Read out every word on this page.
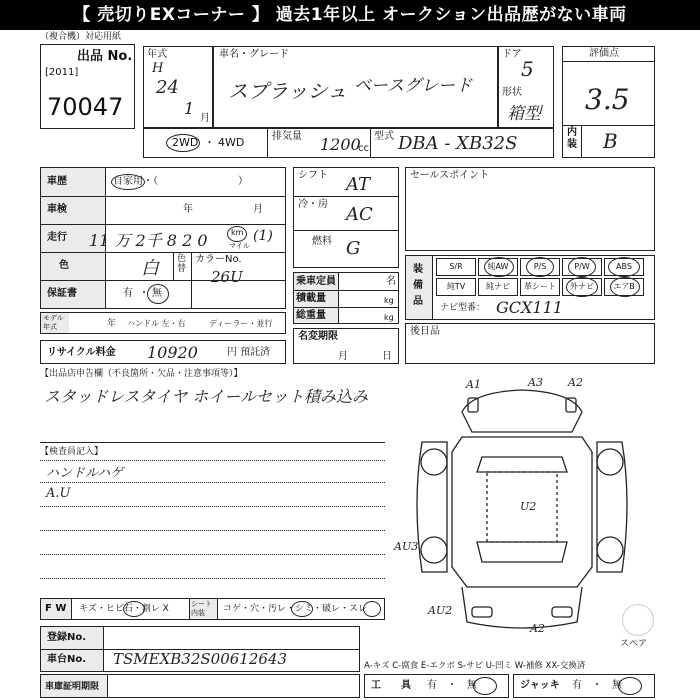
【 売切りEXコーナー 】 過去1年以上 オークション出品歴がない車両
（複合機）対応用紙
出品 No.
[2011]
70047
年式
H
24
1
月
車名・グレード
スプラッシュ ベースグレード
ドア
5
形状
箱型
評価点
3.5
内装 B
2WD ・ 4WD	排気量 1200
cc
型式 DBA - XB32S
車歴	自家用・（　　　　　　　　）
車検	年	月
走行 11 万 2千 8 2 0	km
マイル
(1)
色	白 色替
カラーNo.
26U
保証書	有 ・ 無
モデル年式	年 ハンドル 左・右	ディーラー・並行
リサイクル料金 10920	円 預託済
シフト AT
冷・房 AC
燃料 G
乗車定員	名
積載量	kg
総重量	kg
名変期限
月	日
セールスポイント
装備品
S/R	純AW	P/S	P/W	ABS
純TV	純ナビ	革シート	外ナビ	エアB
ナビ型番： GCX111
後日品
【出品店申告欄（不良箇所・欠品・注意事項等）】
スタッドレスタイヤ ホイールセット積み込み
【検査員記入】
ハンドルハゲ
A.U
A1	A3 A2
U2
AU3
AU2
A2
スペア
F W キズ・ヒビ石・割レ X	シート内装	コゲ・穴・汚レ・シミ・破レ・スレ
登録No.
車台No. TSMEXB32S00612643
車庫証明期限
A-キズ C-腐食 E-エクボ S-サビ U-凹ミ W-補修 XX-交換済
工　　具 有　・　無	ジャッキ 有　・　無
